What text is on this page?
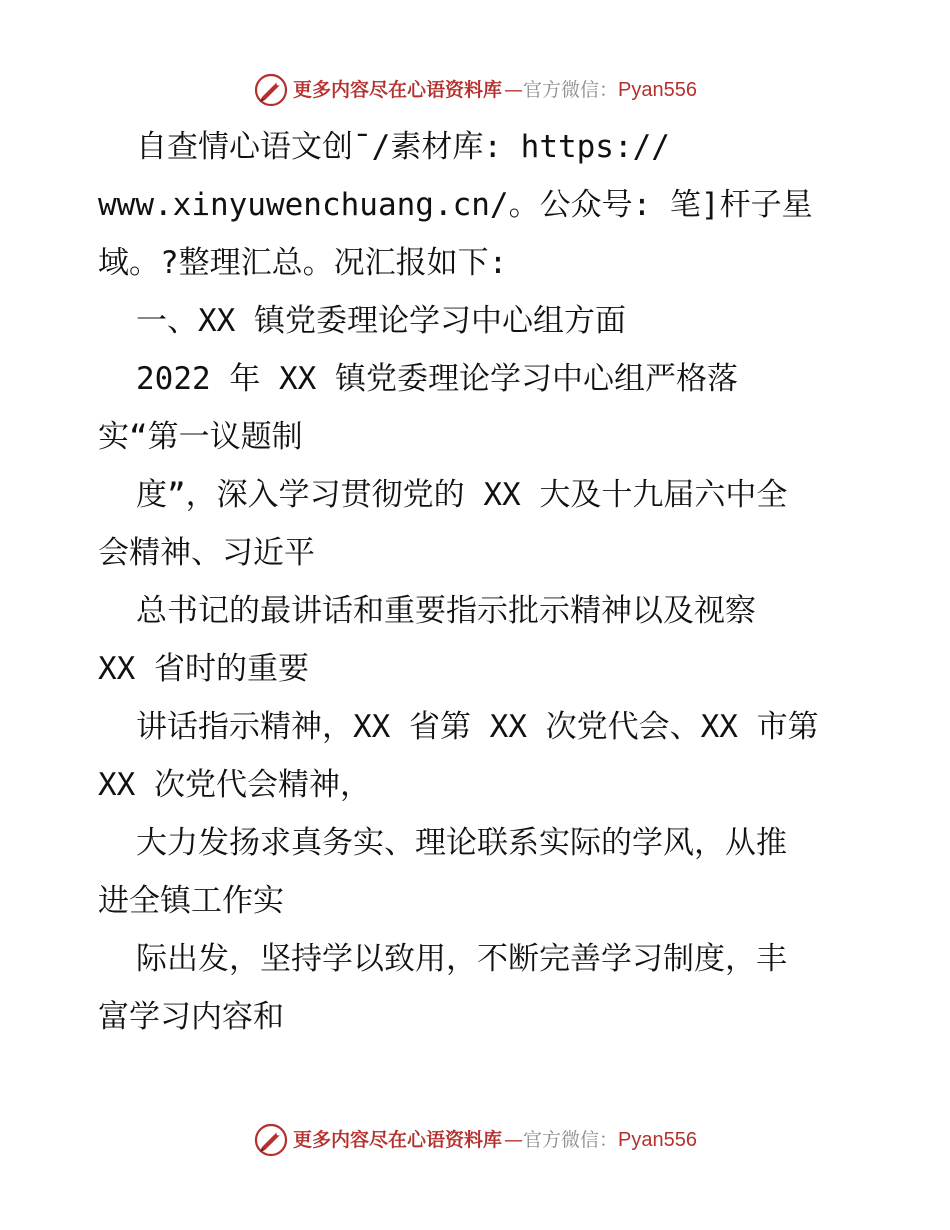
更多内容尽在心语资料库 — 官方微信： Pyan556
自查情心语文创¯/素材库: https://
www.xinyuwenchuang.cn/。公众号: 笔]杆子星
域。?整理汇总。况汇报如下:
一、XX 镇党委理论学习中心组方面
2022 年 XX 镇党委理论学习中心组严格落
实“第一议题制
度”，深入学习贯彻党的 XX 大及十九届六中全
会精神、习近平
总书记的最讲话和重要指示批示精神以及视察
XX 省时的重要
讲话指示精神，XX 省第 XX 次党代会、XX 市第
XX 次党代会精神，
大力发扬求真务实、理论联系实际的学风，从推
进全镇工作实
际出发，坚持学以致用，不断完善学习制度，丰
富学习内容和
更多内容尽在心语资料库 — 官方微信： Pyan556
